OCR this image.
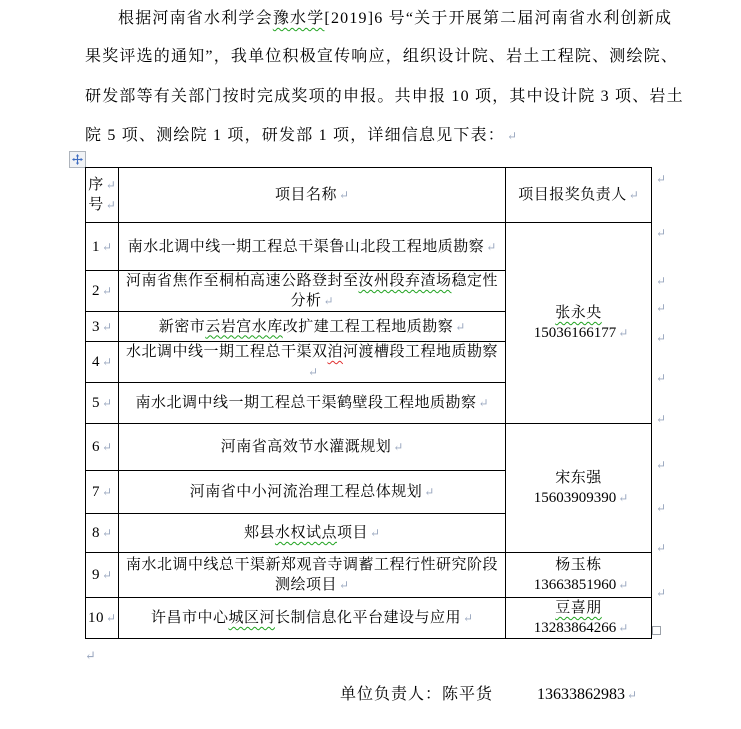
根据河南省水利学会豫水学[2019]6 号“关于开展第二届河南省水利创新成
果奖评选的通知”，我单位积极宣传响应，组织设计院、岩土工程院、测绘院、
研发部等有关部门按时完成奖项的申报。共申报 10 项，其中设计院 3 项、岩土
院 5 项、测绘院 1 项，研发部 1 项，详细信息见下表： ↵
序 ↵
号 ↵	项目名称 ↵	项目报奖负责人 ↵
1 ↵	南水北调中线一期工程总干渠鲁山北段工程地质勘察 ↵	张永央15036166177 ↵
2 ↵	河南省焦作至桐柏高速公路登封至汝州段弃渣场稳定性分析 ↵	
3 ↵	新密市云岩宫水库改扩建工程工程地质勘察 ↵	
4 ↵	水北调中线一期工程总干渠双洎河渡槽段工程地质勘察↵	
5 ↵	南水北调中线一期工程总干渠鹤壁段工程地质勘察 ↵	
6 ↵	河南省高效节水灌溉规划 ↵	宋东强15603909390 ↵
7 ↵	河南省中小河流治理工程总体规划 ↵	
8 ↵	郏县水权试点项目 ↵	
9 ↵	南水北调中线总干渠新郑观音寺调蓄工程行性研究阶段测绘项目 ↵	杨玉栋13663851960 ↵
10 ↵	许昌市中心城区河长制信息化平台建设与应用 ↵	豆喜朋13283864266 ↵
↵
↵
↵
↵
↵
↵
↵
↵
↵
↵
↵
↵
单位负责人：陈平货	13633862983 ↵
